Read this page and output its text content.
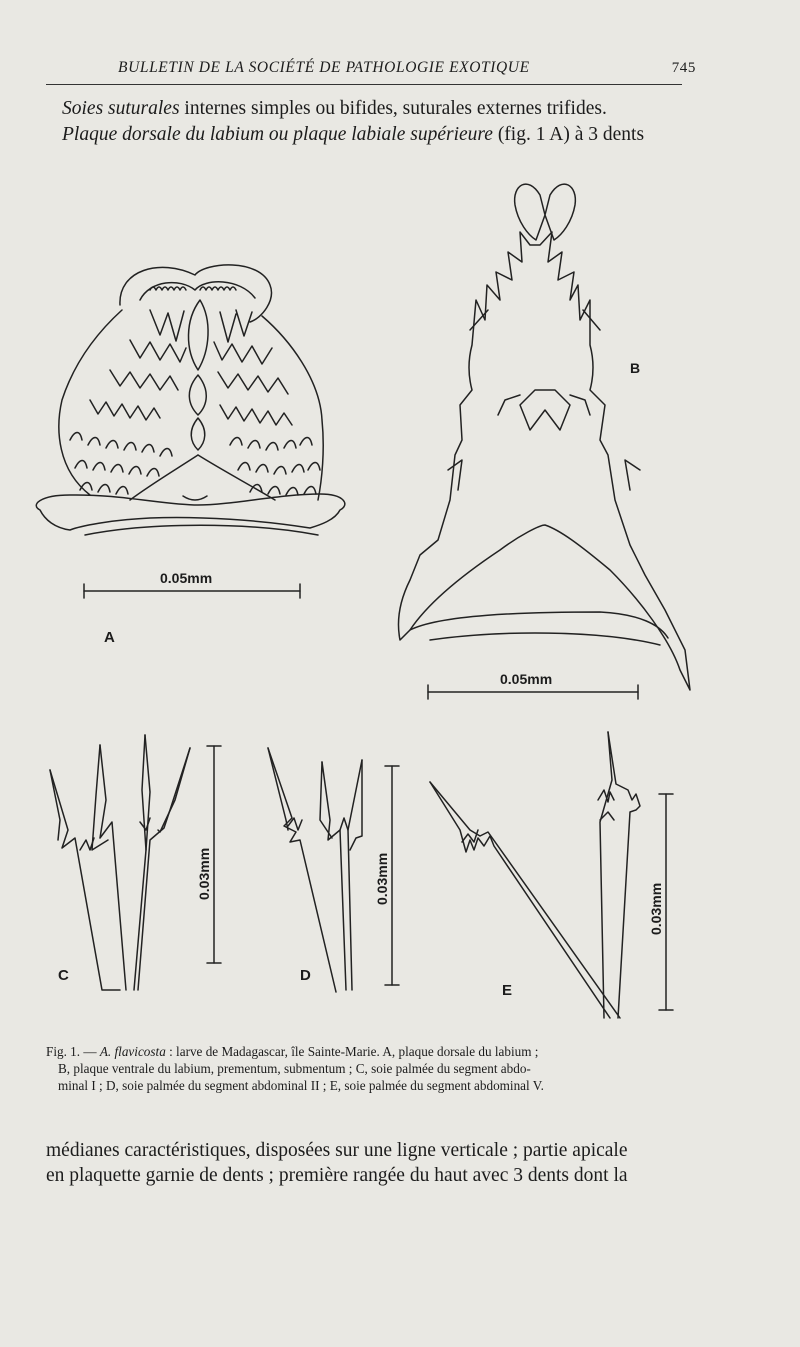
BULLETIN DE LA SOCIÉTÉ DE PATHOLOGIE EXOTIQUE	745

Soies suturales internes simples ou bifides, suturales externes trifides.

Plaque dorsale du labium ou plaque labiale supérieure (fig. 1 A) à 3 dents

0.05mm
A
B
0.05mm
C	D
E
0.03mm	0.03mm
0.03mm
Fig. 1. — A. flavicosta : larve de Madagascar, île Sainte-Marie. A, plaque dorsale du labium ;
B, plaque ventrale du labium, prementum, submentum ; C, soie palmée du segment abdo-
minal I ; D, soie palmée du segment abdominal II ; E, soie palmée du segment abdominal V.

médianes caractéristiques, disposées sur une ligne verticale ; partie apicale

en plaquette garnie de dents ; première rangée du haut avec 3 dents dont la
